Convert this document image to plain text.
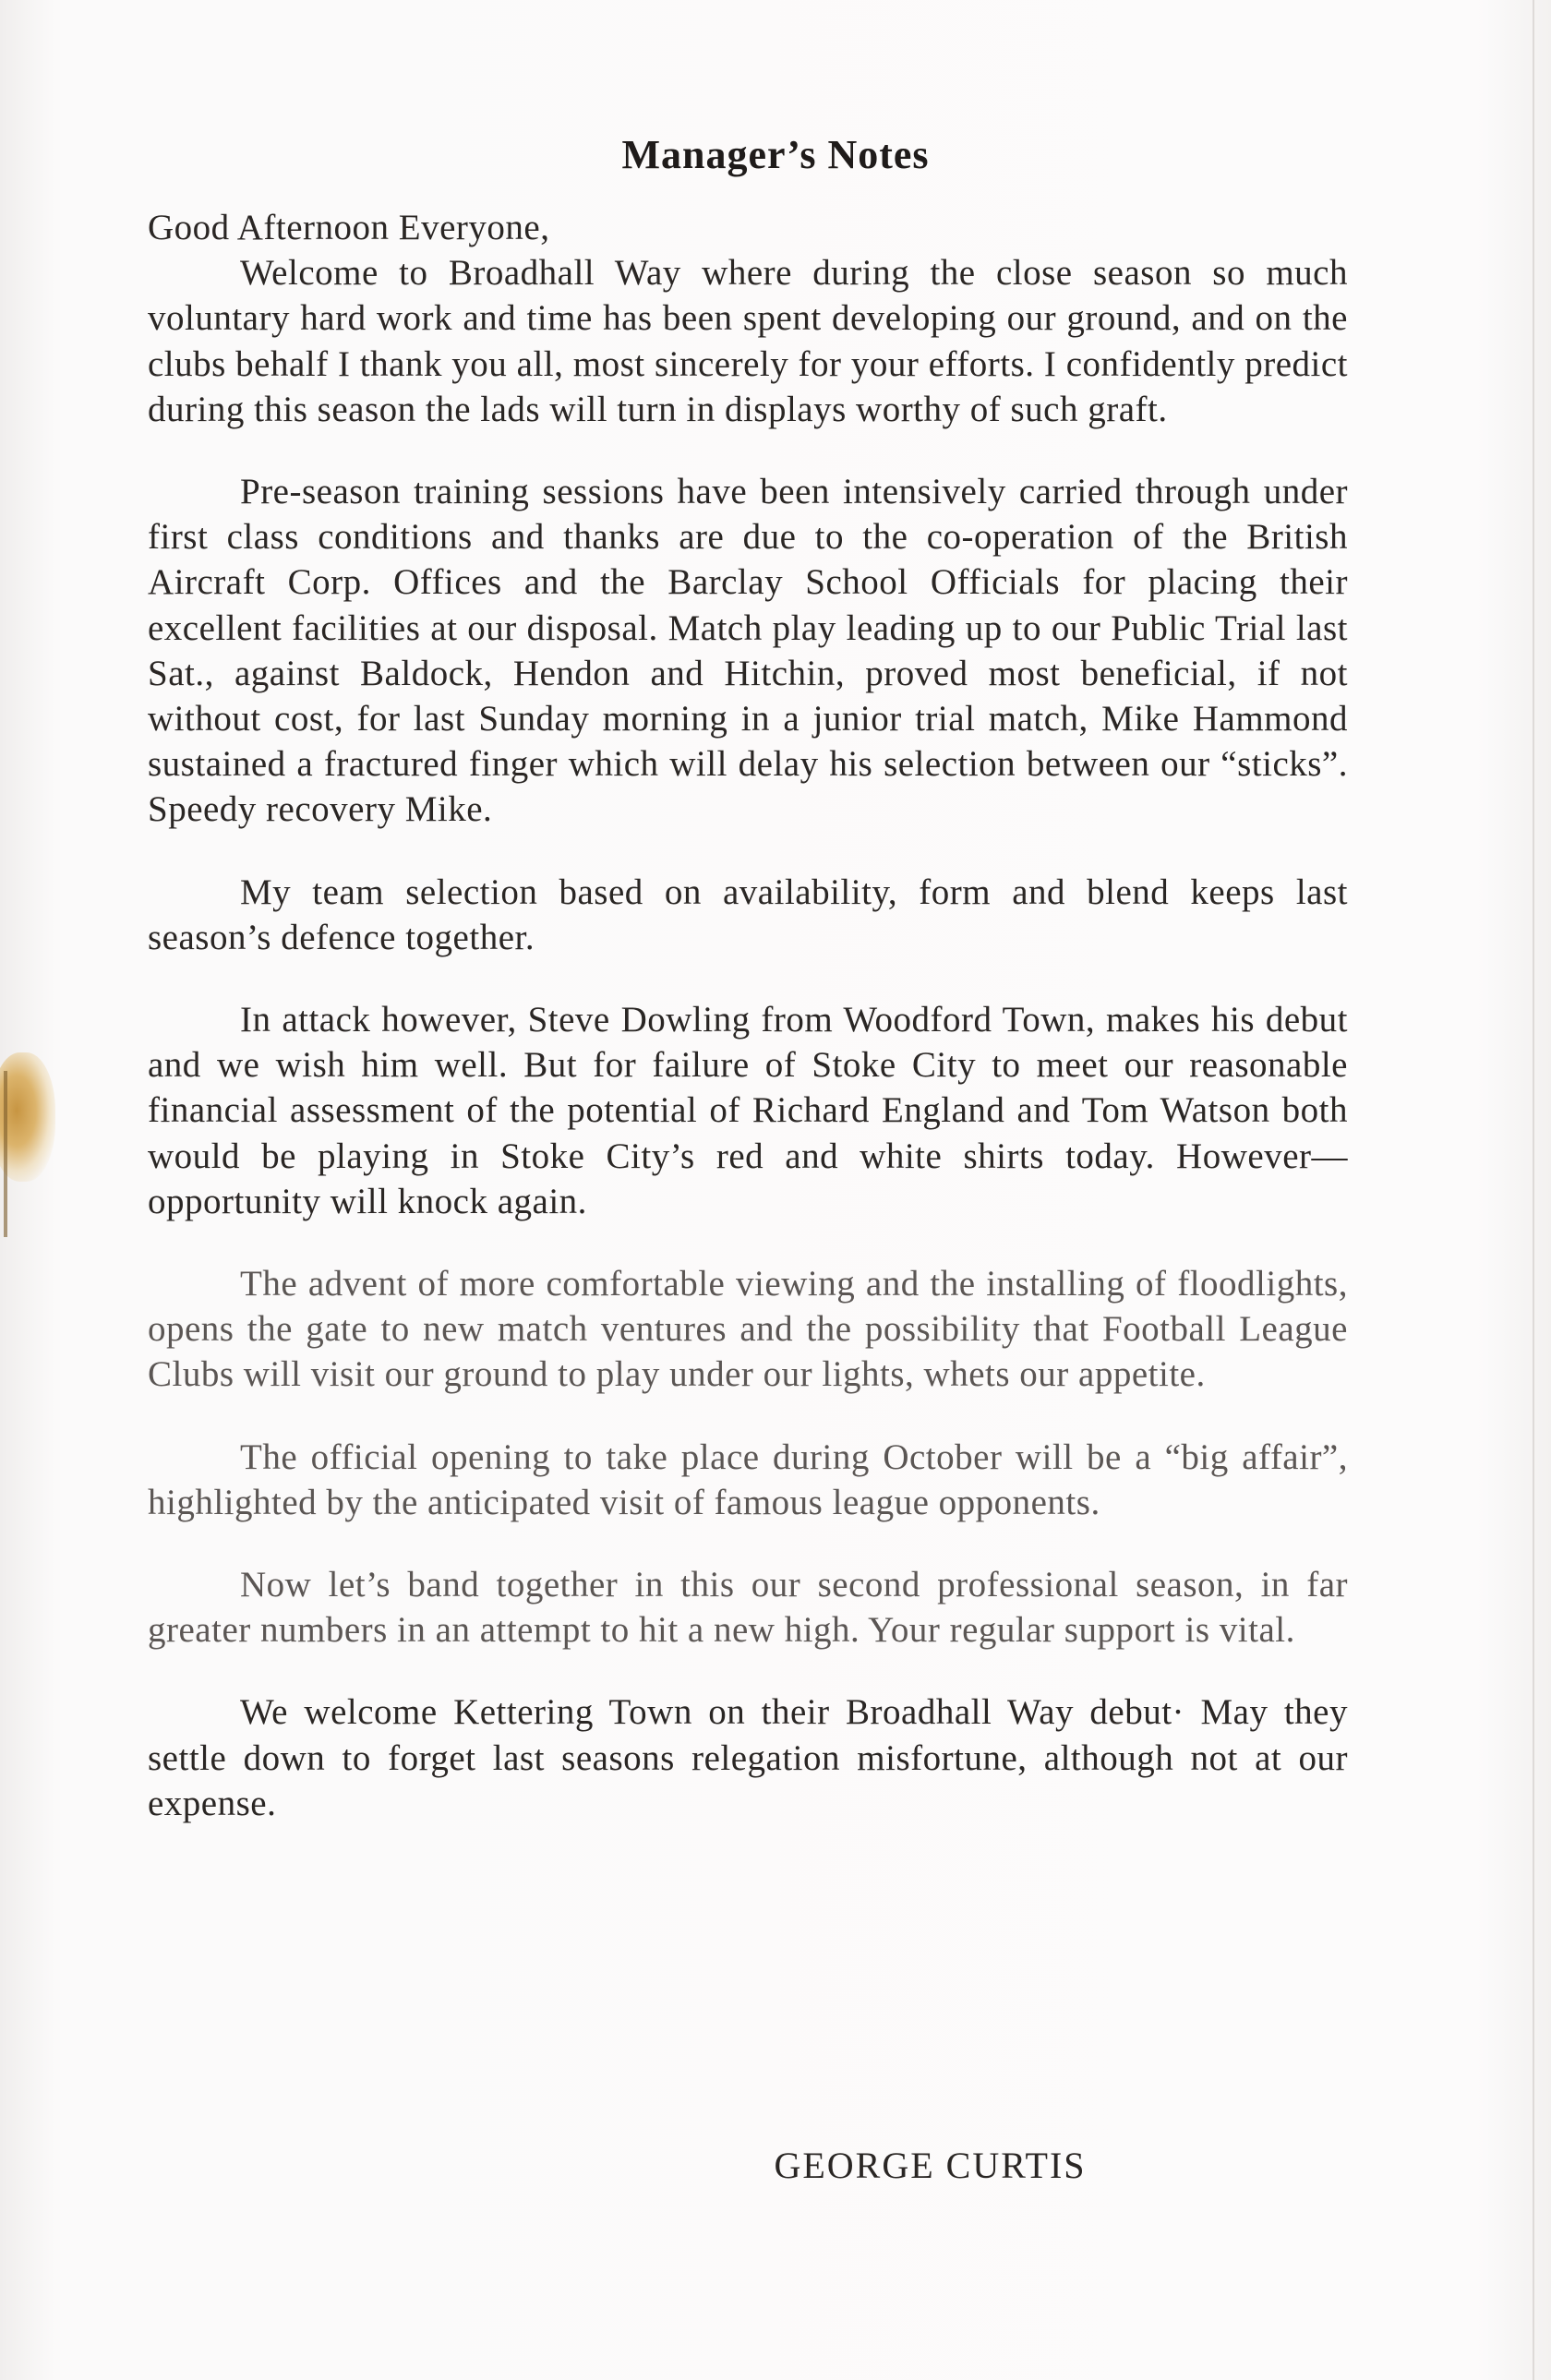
Manager’s Notes

Good Afternoon Everyone,

Welcome to Broadhall Way where during the close season so much voluntary hard work and time has been spent developing our ground, and on the clubs behalf I thank you all, most sincerely for your efforts. I confidently predict during this season the lads will turn in displays worthy of such graft.

Pre-season training sessions have been intensively carried through under first class conditions and thanks are due to the co-operation of the British Aircraft Corp. Offices and the Barclay School Officials for placing their excellent facilities at our disposal. Match play leading up to our Public Trial last Sat., against Baldock, Hendon and Hitchin, proved most beneficial, if not without cost, for last Sunday morning in a junior trial match, Mike Hammond sustained a fractured finger which will delay his selection between our “sticks”. Speedy recovery Mike.

My team selection based on availability, form and blend keeps last season’s defence together.

In attack however, Steve Dowling from Woodford Town, makes his debut and we wish him well. But for failure of Stoke City to meet our reasonable financial assessment of the potential of Richard England and Tom Watson both would be playing in Stoke City’s red and white shirts today. However—opportunity will knock again.

The advent of more comfortable viewing and the installing of floodlights, opens the gate to new match ventures and the possibility that Football League Clubs will visit our ground to play under our lights, whets our appetite.

The official opening to take place during October will be a “big affair”, highlighted by the anticipated visit of famous league opponents.

Now let’s band together in this our second professional season, in far greater numbers in an attempt to hit a new high. Your regular support is vital.

We welcome Kettering Town on their Broadhall Way debut· May they settle down to forget last seasons relegation misfortune, although not at our expense.

GEORGE CURTIS
